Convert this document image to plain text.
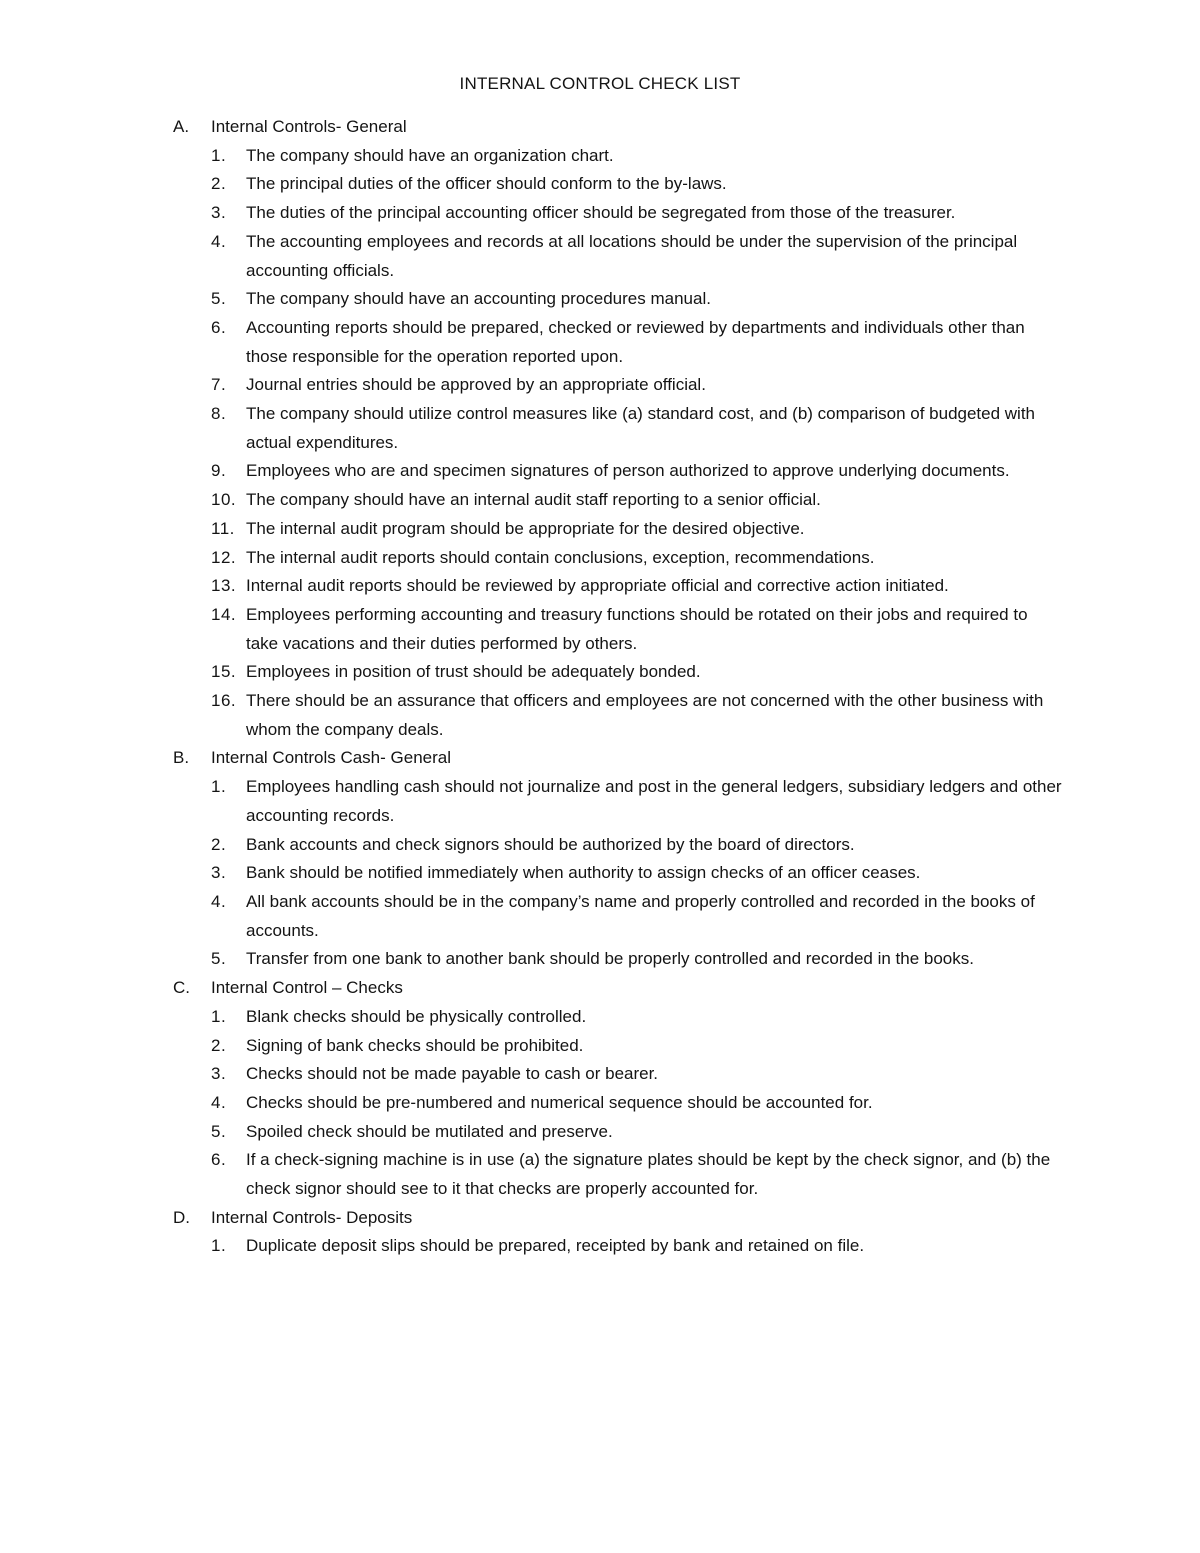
INTERNAL CONTROL CHECK LIST
A. Internal Controls- General
1. The company should have an organization chart.
2. The principal duties of the officer should conform to the by-laws.
3. The duties of the principal accounting officer should be segregated from those of the treasurer.
4. The accounting employees and records at all locations should be under the supervision of the principal accounting officials.
5. The company should have an accounting procedures manual.
6. Accounting reports should be prepared, checked or reviewed by departments and individuals other than those responsible for the operation reported upon.
7. Journal entries should be approved by an appropriate official.
8. The company should utilize control measures like (a) standard cost, and (b) comparison of budgeted with actual expenditures.
9. Employees who are and specimen signatures of person authorized to approve underlying documents.
10. The company should have an internal audit staff reporting to a senior official.
11. The internal audit program should be appropriate for the desired objective.
12. The internal audit reports should contain conclusions, exception, recommendations.
13. Internal audit reports should be reviewed by appropriate official and corrective action initiated.
14. Employees performing accounting and treasury functions should be rotated on their jobs and required to take vacations and their duties performed by others.
15. Employees in position of trust should be adequately bonded.
16. There should be an assurance that officers and employees are not concerned with the other business with whom the company deals.
B. Internal Controls Cash- General
1. Employees handling cash should not journalize and post in the general ledgers, subsidiary ledgers and other accounting records.
2. Bank accounts and check signors should be authorized by the board of directors.
3. Bank should be notified immediately when authority to assign checks of an officer ceases.
4. All bank accounts should be in the company’s name and properly controlled and recorded in the books of accounts.
5. Transfer from one bank to another bank should be properly controlled and recorded in the books.
C. Internal Control – Checks
1. Blank checks should be physically controlled.
2. Signing of bank checks should be prohibited.
3. Checks should not be made payable to cash or bearer.
4. Checks should be pre-numbered and numerical sequence should be accounted for.
5. Spoiled check should be mutilated and preserve.
6. If a check-signing machine is in use (a) the signature plates should be kept by the check signor, and (b) the check signor should see to it that checks are properly accounted for.
D. Internal Controls- Deposits
1. Duplicate deposit slips should be prepared, receipted by bank and retained on file.
